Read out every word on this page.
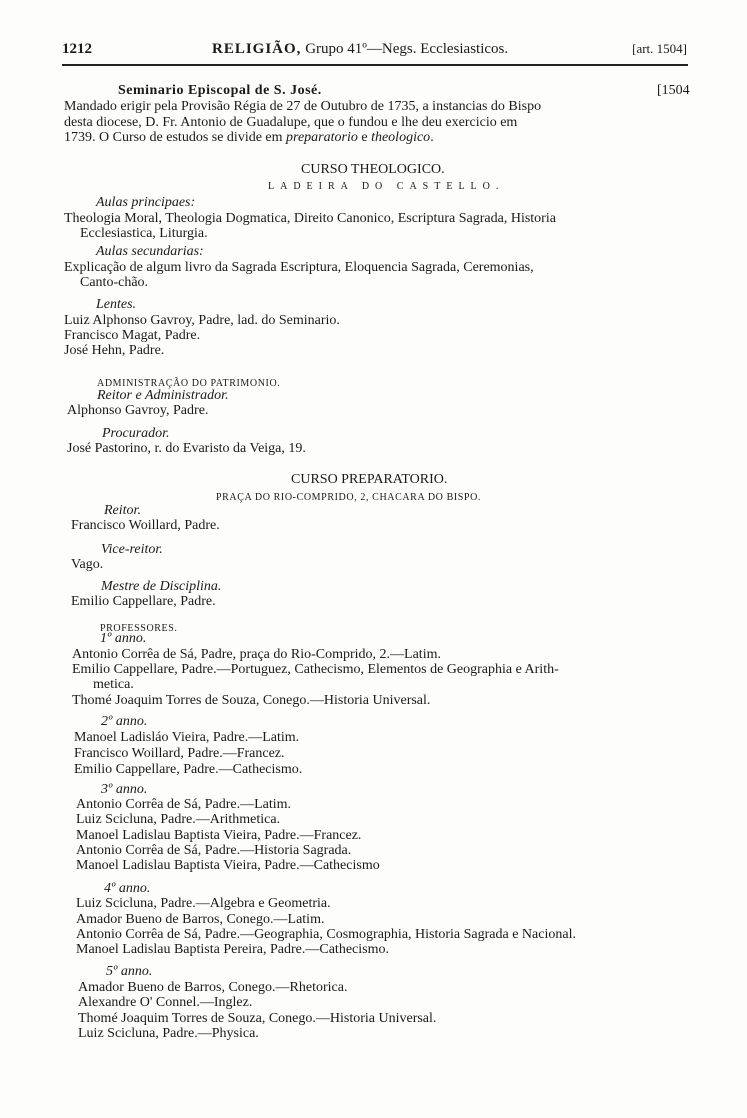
1212	RELIGIÃO, Grupo 41º—Negs. Ecclesiasticos.	[art. 1504]
Seminario Episcopal de S. José.	[1504
Mandado erigir pela Provisão Régia de 27 de Outubro de 1735, a instancias do Bispo
desta diocese, D. Fr. Antonio de Guadalupe, que o fundou e lhe deu exercicio em
1739. O Curso de estudos se divide em preparatorio e theologico.
CURSO THEOLOGICO.
LADEIRA DO CASTELLO.
Aulas principaes:
Theologia Moral, Theologia Dogmatica, Direito Canonico, Escriptura Sagrada, Historia
Ecclesiastica, Liturgia.
Aulas secundarias:
Explicação de algum livro da Sagrada Escriptura, Eloquencia Sagrada, Ceremonias,
Canto-chão.
Lentes.
Luiz Alphonso Gavroy, Padre, lad. do Seminario.
Francisco Magat, Padre.
José Hehn, Padre.
ADMINISTRAÇÃO DO PATRIMONIO.
Reitor e Administrador.
Alphonso Gavroy, Padre.
Procurador.
José Pastorino, r. do Evaristo da Veiga, 19.
CURSO PREPARATORIO.
PRAÇA DO RIO-COMPRIDO, 2, CHACARA DO BISPO.
Reitor.
Francisco Woillard, Padre.
Vice-reitor.
Vago.
Mestre de Disciplina.
Emilio Cappellare, Padre.
PROFESSORES.
1º anno.
Antonio Corrêa de Sá, Padre, praça do Rio-Comprido, 2.—Latim.
Emilio Cappellare, Padre.—Portuguez, Cathecismo, Elementos de Geographia e Arith-
metica.
Thomé Joaquim Torres de Souza, Conego.—Historia Universal.
2º anno.
Manoel Ladisláo Vieira, Padre.—Latim.
Francisco Woillard, Padre.—Francez.
Emilio Cappellare, Padre.—Cathecismo.
3º anno.
Antonio Corrêa de Sá, Padre.—Latim.
Luiz Scicluna, Padre.—Arithmetica.
Manoel Ladislau Baptista Vieira, Padre.—Francez.
Antonio Corrêa de Sá, Padre.—Historia Sagrada.
Manoel Ladislau Baptista Vieira, Padre.—Cathecismo
4º anno.
Luiz Scicluna, Padre.—Algebra e Geometria.
Amador Bueno de Barros, Conego.—Latim.
Antonio Corrêa de Sá, Padre.—Geographia, Cosmographia, Historia Sagrada e Nacional.
Manoel Ladislau Baptista Pereira, Padre.—Cathecismo.
5º anno.
Amador Bueno de Barros, Conego.—Rhetorica.
Alexandre O' Connel.—Inglez.
Thomé Joaquim Torres de Souza, Conego.—Historia Universal.
Luiz Scicluna, Padre.—Physica.
